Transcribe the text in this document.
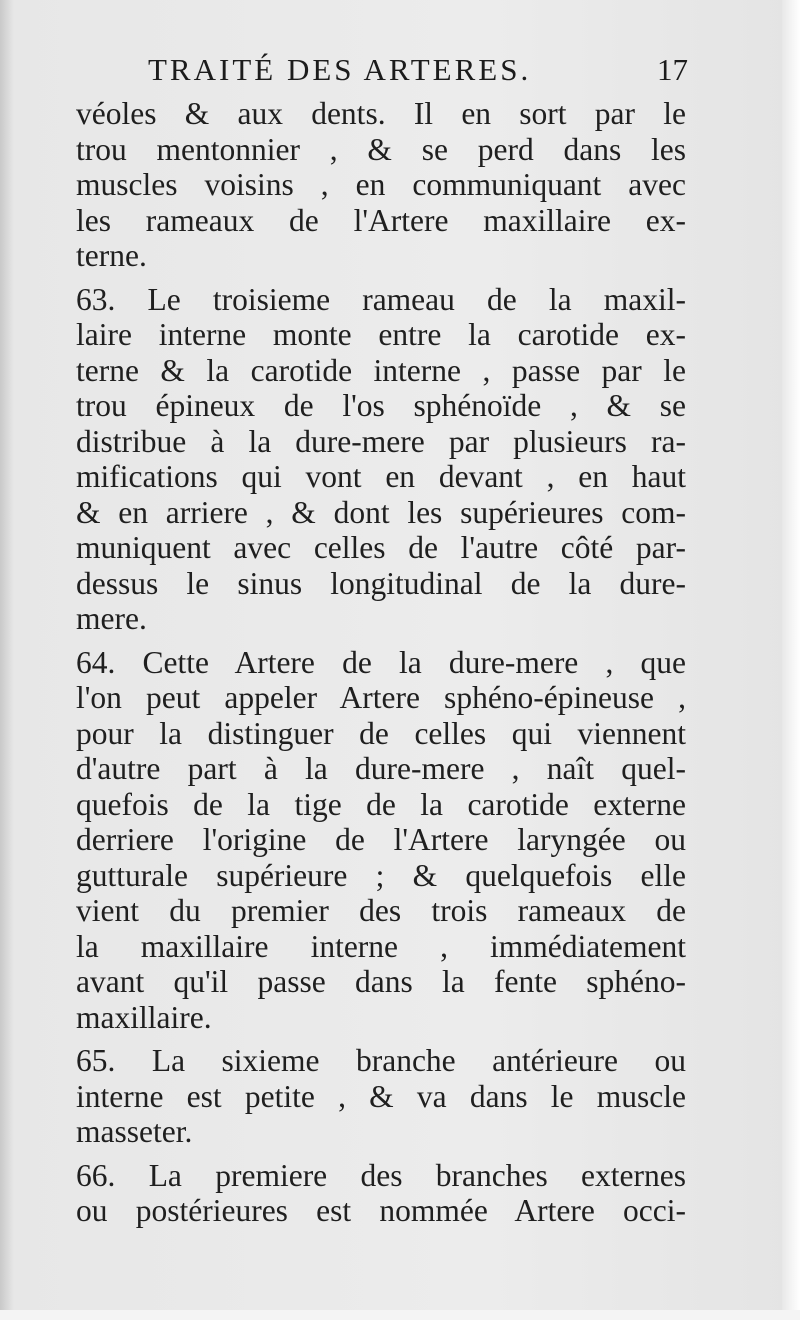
TRAITÉ DES ARTERES.	17
véoles & aux dents. Il en sort par le
trou mentonnier , & se perd dans les
muscles voisins , en communiquant avec
les rameaux de l'Artere maxillaire ex-
terne.
63. Le troisieme rameau de la maxil-
laire interne monte entre la carotide ex-
terne & la carotide interne , passe par le
trou épineux de l'os sphénoïde , & se
distribue à la dure-mere par plusieurs ra-
mifications qui vont en devant , en haut
& en arriere , & dont les supérieures com-
muniquent avec celles de l'autre côté par-
dessus le sinus longitudinal de la dure-
mere.
64. Cette Artere de la dure-mere , que
l'on peut appeler Artere sphéno-épineuse ,
pour la distinguer de celles qui viennent
d'autre part à la dure-mere , naît quel-
quefois de la tige de la carotide externe
derriere l'origine de l'Artere laryngée ou
gutturale supérieure ; & quelquefois elle
vient du premier des trois rameaux de
la maxillaire interne , immédiatement
avant qu'il passe dans la fente sphéno-
maxillaire.
65. La sixieme branche antérieure ou
interne est petite , & va dans le muscle
masseter.
66. La premiere des branches externes
ou postérieures est nommée Artere occi-
